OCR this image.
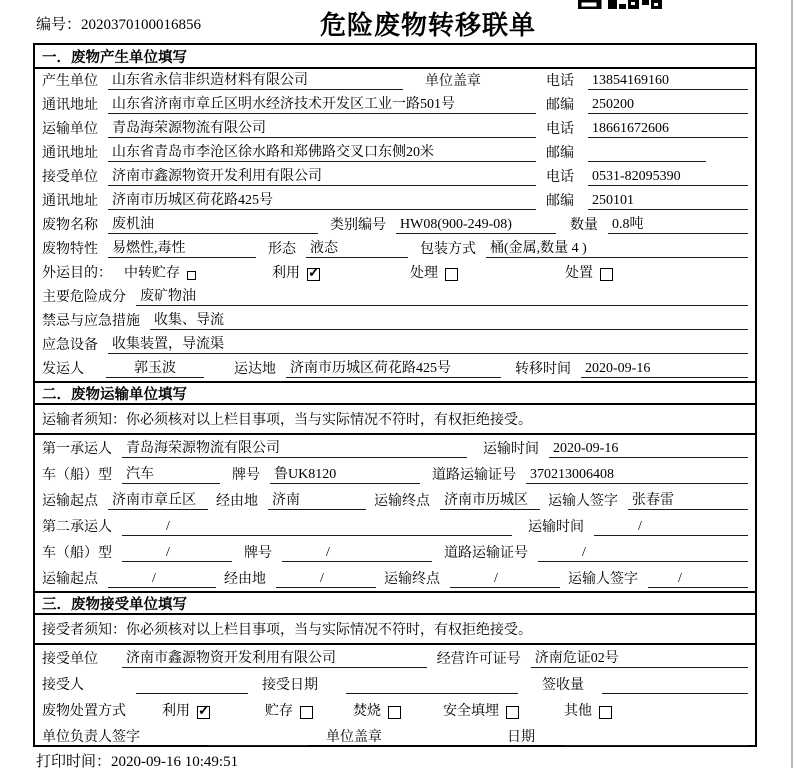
编号：2020370100016856	危险废物转移联单
一．废物产生单位填写
产生单位 山东省永信非织造材料有限公司	单位盖章	电话	13854169160
通讯地址 山东省济南市章丘区明水经济技术开发区工业一路501号	邮编	250200
运输单位 青岛海荣源物流有限公司	电话	18661672606
通讯地址 山东省青岛市李沧区徐水路和郑佛路交叉口东侧20米	邮编
接受单位 济南市鑫源物资开发利用有限公司	电话	0531-82095390
通讯地址 济南市历城区荷花路425号	邮编	250101
废物名称 废机油	类别编号 HW08(900-249-08)	数量 0.8吨
废物特性 易燃性,毒性	形态 液态	包装方式 桶(金属,数量 4 )
外运目的： 中转贮存	利用 ✓	处理	处置
主要危险成分 废矿物油
禁忌与应急措施 收集、导流
应急设备 收集装置，导流渠
发运人	郭玉波	运达地 济南市历城区荷花路425号	转移时间 2020-09-16
二．废物运输单位填写
运输者须知：你必须核对以上栏目事项，当与实际情况不符时，有权拒绝接受。
第一承运人 青岛海荣源物流有限公司	运输时间 2020-09-16
车（船）型 汽车	牌号 鲁UK8120	道路运输证号 370213006408
运输起点 济南市章丘区	经由地 济南	运输终点 济南市历城区	运输人签字 张春雷
第二承运人	/	运输时间	/
车（船）型	/	牌号	/	道路运输证号	/
运输起点	/	经由地	/	运输终点	/	运输人签字	/
三．废物接受单位填写
接受者须知：你必须核对以上栏目事项，当与实际情况不符时，有权拒绝接受。
接受单位 济南市鑫源物资开发利用有限公司	经营许可证号 济南危证02号
接受人	接受日期	签收量
废物处置方式	利用 ✓	贮存	焚烧	安全填埋	其他
单位负责人签字	单位盖章	日期
打印时间：2020-09-16 10:49:51
